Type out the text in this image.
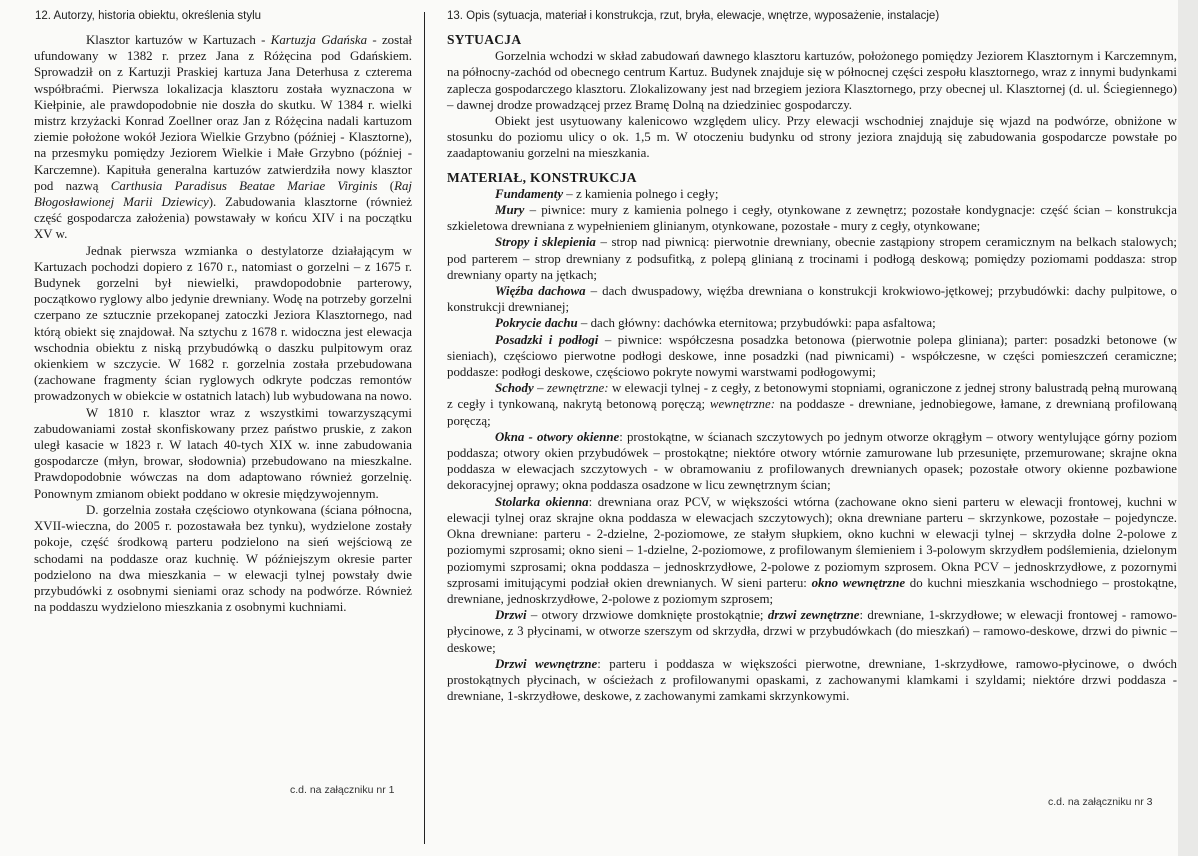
12. Autorzy, historia obiektu, określenia stylu

Klasztor kartuzów w Kartuzach - Kartuzja Gdańska - został ufundowany w 1382 r. przez Jana z Różęcina pod Gdańskiem. Sprowadził on z Kartuzji Praskiej kartuza Jana Deterhusa z czterema współbraćmi. Pierwsza lokalizacja klasztoru została wyznaczona w Kiełpinie, ale prawdopodobnie nie doszła do skutku. W 1384 r. wielki mistrz krzyżacki Konrad Zoellner oraz Jan z Różęcina nadali kartuzom ziemie położone wokół Jeziora Wielkie Grzybno (później - Klasztorne), na przesmyku pomiędzy Jeziorem Wielkie i Małe Grzybno (później - Karczemne). Kapituła generalna kartuzów zatwierdziła nowy klasztor pod nazwą Carthusia Paradisus Beatae Mariae Virginis (Raj Błogosławionej Marii Dziewicy). Zabudowania klasztorne (również część gospodarcza założenia) powstawały w końcu XIV i na początku XV w.

Jednak pierwsza wzmianka o destylatorze działającym w Kartuzach pochodzi dopiero z 1670 r., natomiast o gorzelni – z 1675 r. Budynek gorzelni był niewielki, prawdopodobnie parterowy, początkowo ryglowy albo jedynie drewniany. Wodę na potrzeby gorzelni czerpano ze sztucznie przekopanej zatoczki Jeziora Klasztornego, nad którą obiekt się znajdował. Na sztychu z 1678 r. widoczna jest elewacja wschodnia obiektu z niską przybudówką o daszku pulpitowym oraz okienkiem w szczycie. W 1682 r. gorzelnia została przebudowana (zachowane fragmenty ścian ryglowych odkryte podczas remontów prowadzonych w obiekcie w ostatnich latach) lub wybudowana na nowo.

W 1810 r. klasztor wraz z wszystkimi towarzyszącymi zabudowaniami został skonfiskowany przez państwo pruskie, z zakon uległ kasacie w 1823 r. W latach 40-tych XIX w. inne zabudowania gospodarcze (młyn, browar, słodownia) przebudowano na mieszkalne. Prawdopodobnie wówczas na dom adaptowano również gorzelnię. Ponownym zmianom obiekt poddano w okresie międzywojennym.

D. gorzelnia została częściowo otynkowana (ściana północna, XVII-wieczna, do 2005 r. pozostawała bez tynku), wydzielone zostały pokoje, część środkową parteru podzielono na sień wejściową ze schodami na poddasze oraz kuchnię. W późniejszym okresie parter podzielono na dwa mieszkania – w elewacji tylnej powstały dwie przybudówki z osobnymi sieniami oraz schody na podwórze. Również na poddaszu wydzielono mieszkania z osobnymi kuchniami.

13. Opis (sytuacja, materiał i konstrukcja, rzut, bryła, elewacje, wnętrze, wyposażenie, instalacje)
SYTUACJA

Gorzelnia wchodzi w skład zabudowań dawnego klasztoru kartuzów, położonego pomiędzy Jeziorem Klasztornym i Karczemnym, na północny-zachód od obecnego centrum Kartuz. Budynek znajduje się w północnej części zespołu klasztornego, wraz z innymi budynkami zaplecza gospodarczego klasztoru. Zlokalizowany jest nad brzegiem jeziora Klasztornego, przy obecnej ul. Klasztornej (d. ul. Ściegiennego) – dawnej drodze prowadzącej przez Bramę Dolną na dziedziniec gospodarczy.

Obiekt jest usytuowany kalenicowo względem ulicy. Przy elewacji wschodniej znajduje się wjazd na podwórze, obniżone w stosunku do poziomu ulicy o ok. 1,5 m. W otoczeniu budynku od strony jeziora znajdują się zabudowania gospodarcze powstałe po zaadaptowaniu gorzelni na mieszkania.

MATERIAŁ, KONSTRUKCJA

Fundamenty – z kamienia polnego i cegły;

Mury – piwnice: mury z kamienia polnego i cegły, otynkowane z zewnętrz; pozostałe kondygnacje: część ścian – konstrukcja szkieletowa drewniana z wypełnieniem glinianym, otynkowane, pozostałe - mury z cegły, otynkowane;

Stropy i sklepienia – strop nad piwnicą: pierwotnie drewniany, obecnie zastąpiony stropem ceramicznym na belkach stalowych; pod parterem – strop drewniany z podsufitką, z polepą glinianą z trocinami i podłogą deskową; pomiędzy poziomami poddasza: strop drewniany oparty na jętkach;

Więźba dachowa – dach dwuspadowy, więźba drewniana o konstrukcji krokwiowo-jętkowej; przybudówki: dachy pulpitowe, o konstrukcji drewnianej;

Pokrycie dachu – dach główny: dachówka eternitowa; przybudówki: papa asfaltowa;

Posadzki i podłogi – piwnice: współczesna posadzka betonowa (pierwotnie polepa gliniana); parter: posadzki betonowe (w sieniach), częściowo pierwotne podłogi deskowe, inne posadzki (nad piwnicami) - współczesne, w części pomieszczeń ceramiczne; poddasze: podłogi deskowe, częściowo pokryte nowymi warstwami podłogowymi;

Schody – zewnętrzne: w elewacji tylnej - z cegły, z betonowymi stopniami, ograniczone z jednej strony balustradą pełną murowaną z cegły i tynkowaną, nakrytą betonową poręczą; wewnętrzne: na poddasze - drewniane, jednobiegowe, łamane, z drewnianą profilowaną poręczą;

Okna - otwory okienne: prostokątne, w ścianach szczytowych po jednym otworze okrągłym – otwory wentylujące górny poziom poddasza; otwory okien przybudówek – prostokątne; niektóre otwory wtórnie zamurowane lub przesunięte, przemurowane; skrajne okna poddasza w elewacjach szczytowych - w obramowaniu z profilowanych drewnianych opasek; pozostałe otwory okienne pozbawione dekoracyjnej oprawy; okna poddasza osadzone w licu zewnętrznym ścian;

Stolarka okienna: drewniana oraz PCV, w większości wtórna (zachowane okno sieni parteru w elewacji frontowej, kuchni w elewacji tylnej oraz skrajne okna poddasza w elewacjach szczytowych); okna drewniane parteru – skrzynkowe, pozostałe – pojedyncze. Okna drewniane: parteru - 2-dzielne, 2-poziomowe, ze stałym słupkiem, okno kuchni w elewacji tylnej – skrzydła dolne 2-polowe z poziomymi szprosami; okno sieni – 1-dzielne, 2-poziomowe, z profilowanym ślemieniem i 3-polowym skrzydłem podślemienia, dzielonym poziomymi szprosami; okna poddasza – jednoskrzydłowe, 2-polowe z poziomym szprosem. Okna PCV – jednoskrzydłowe, z pozornymi szprosami imitującymi podział okien drewnianych. W sieni parteru: okno wewnętrzne do kuchni mieszkania wschodniego – prostokątne, drewniane, jednoskrzydłowe, 2-polowe z poziomym szprosem;

Drzwi – otwory drzwiowe domknięte prostokątnie; drzwi zewnętrzne: drewniane, 1-skrzydłowe; w elewacji frontowej - ramowo-płycinowe, z 3 płycinami, w otworze szerszym od skrzydła, drzwi w przybudówkach (do mieszkań) – ramowo-deskowe, drzwi do piwnic – deskowe;

Drzwi wewnętrzne: parteru i poddasza w większości pierwotne, drewniane, 1-skrzydłowe, ramowo-płycinowe, o dwóch prostokątnych płycinach, w ościeżach z profilowanymi opaskami, z zachowanymi klamkami i szyldami; niektóre drzwi poddasza - drewniane, 1-skrzydłowe, deskowe, z zachowanymi zamkami skrzynkowymi.

c.d. na załączniku nr 1
c.d. na załączniku nr 3
